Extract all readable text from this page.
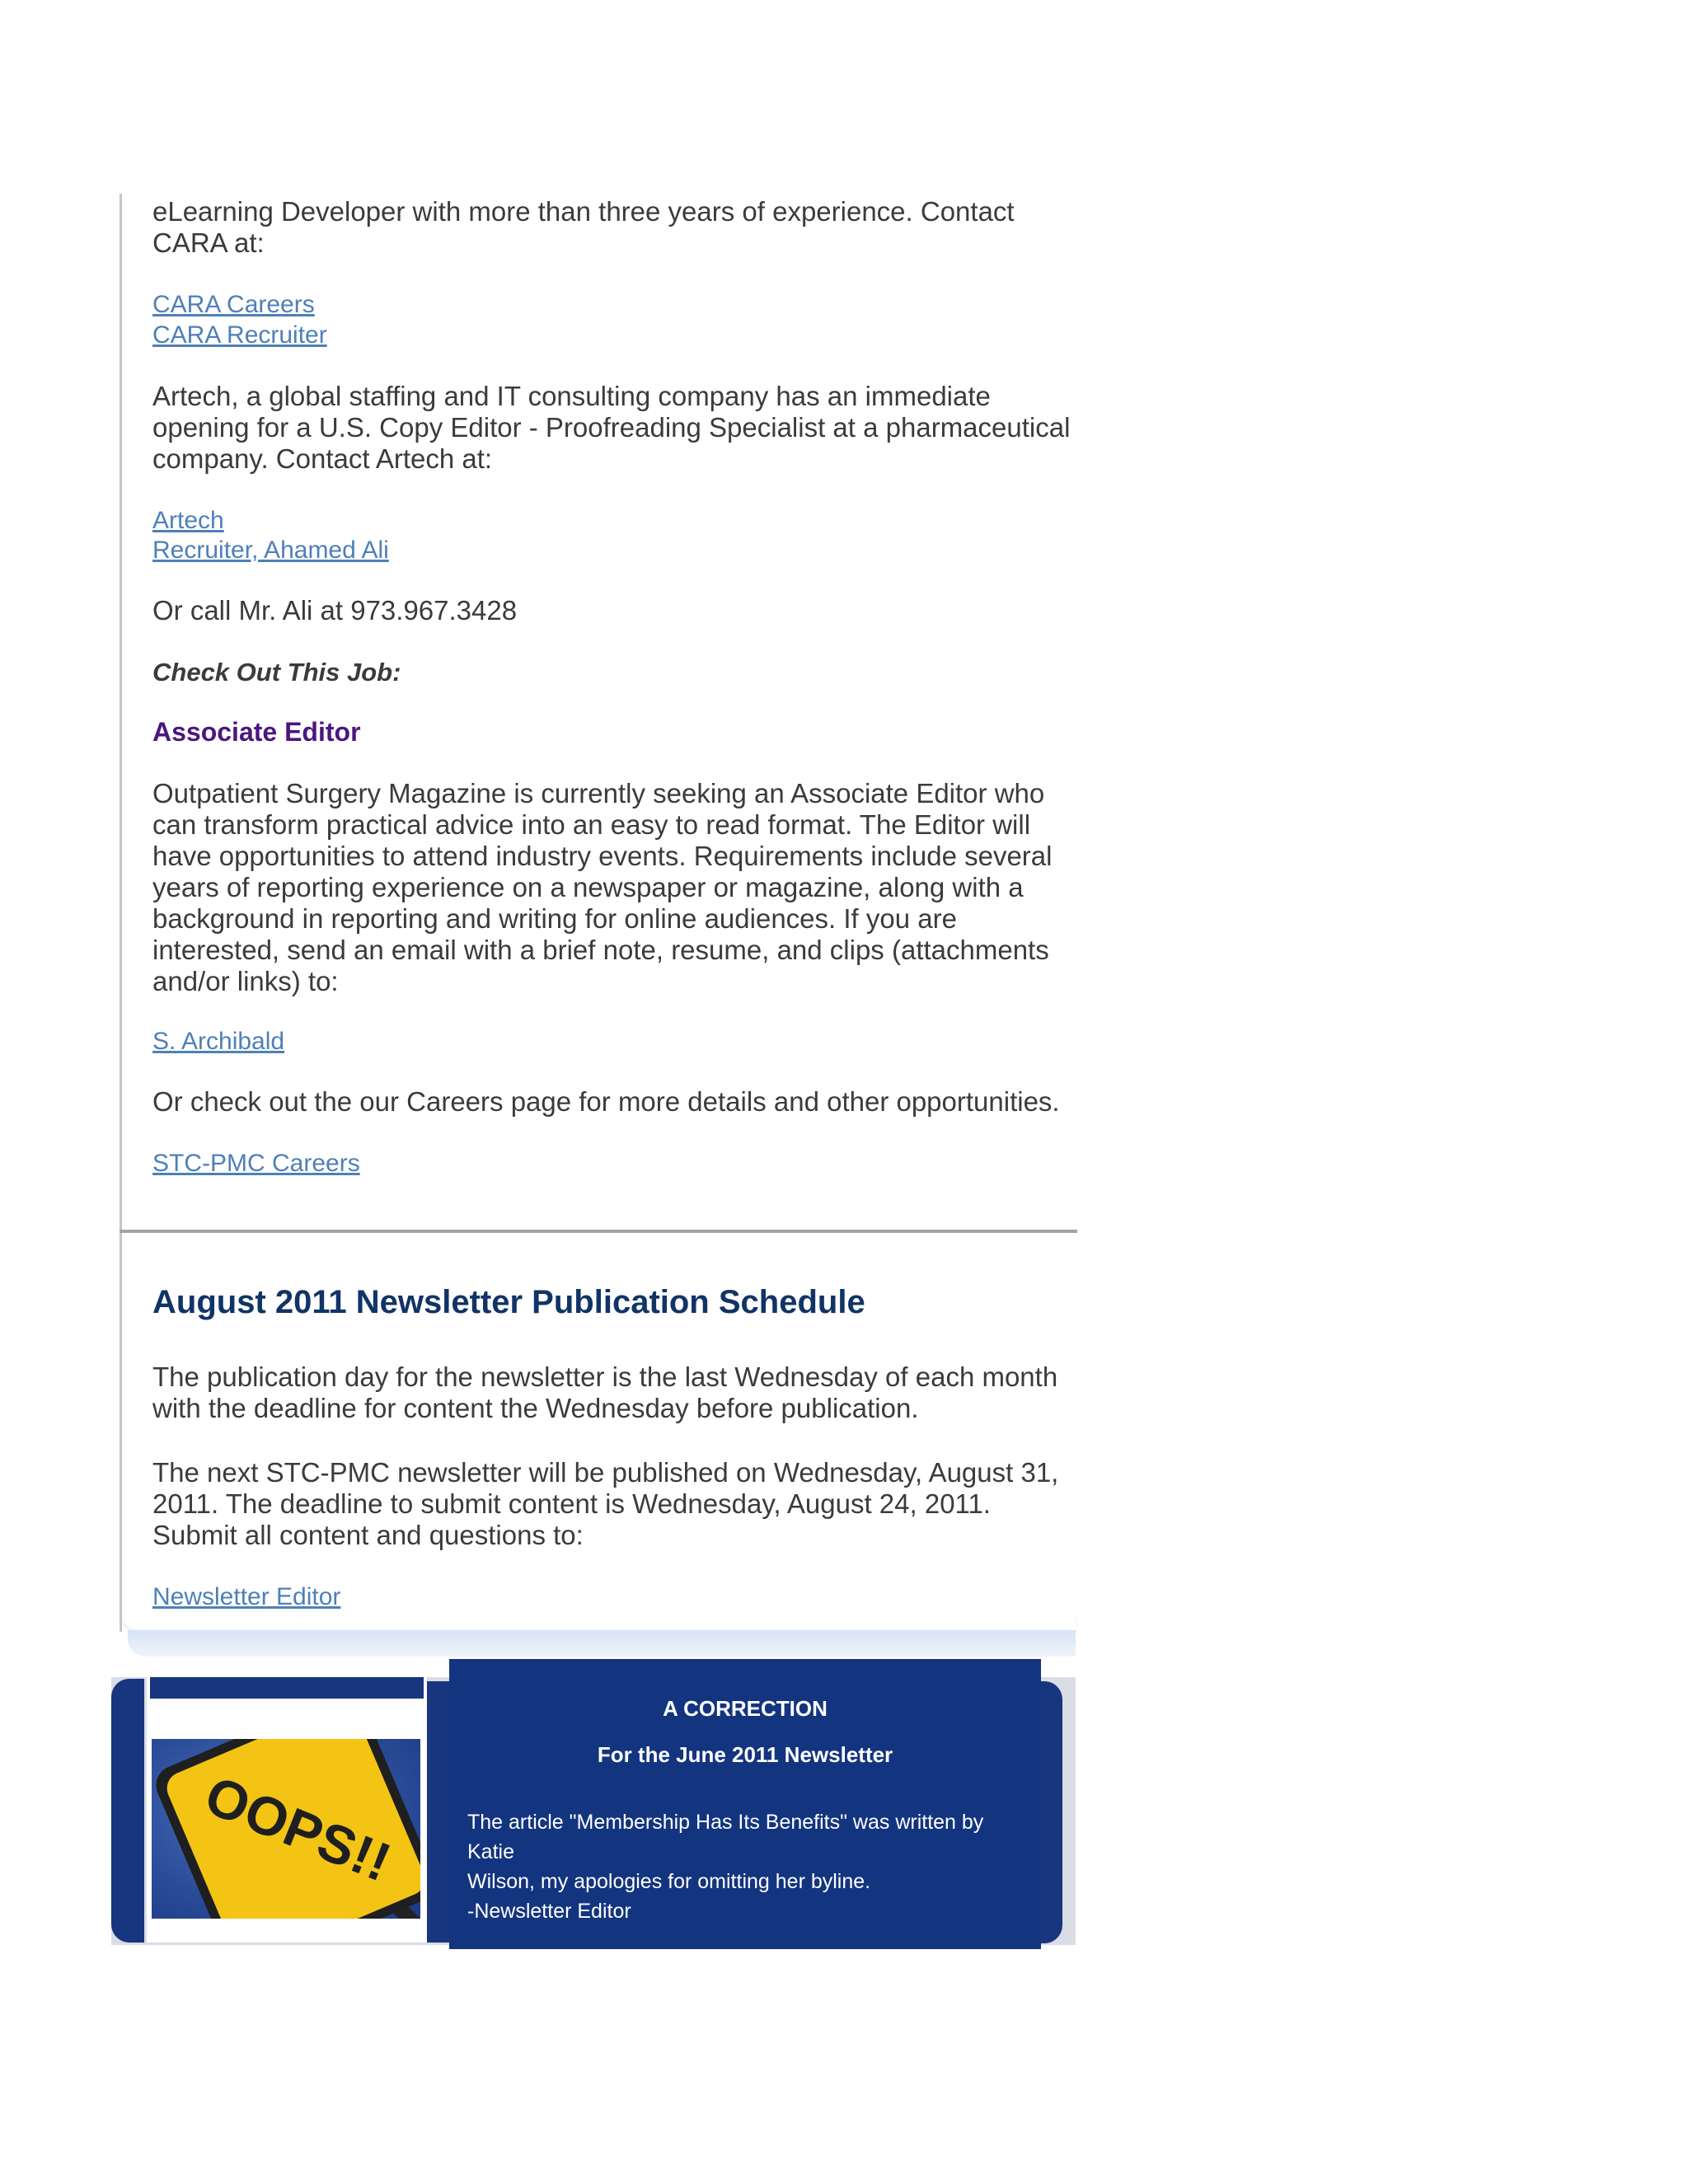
eLearning Developer with more than three years of experience. Contact
CARA at:

CARA Careers
CARA Recruiter

Artech, a global staffing and IT consulting company has an immediate
opening for a U.S. Copy Editor - Proofreading Specialist at a pharmaceutical
company. Contact Artech at:

Artech
Recruiter, Ahamed Ali

Or call Mr. Ali at 973.967.3428

Check Out This Job:
Associate Editor

Outpatient Surgery Magazine is currently seeking an Associate Editor who
can transform practical advice into an easy to read format. The Editor will
have opportunities to attend industry events. Requirements include several
years of reporting experience on a newspaper or magazine, along with a
background in reporting and writing for online audiences. If you are
interested, send an email with a brief note, resume, and clips (attachments
and/or links) to:

S. Archibald

Or check out the our Careers page for more details and other opportunities.

STC-PMC Careers
August 2011 Newsletter Publication Schedule

The publication day for the newsletter is the last Wednesday of each month
with the deadline for content the Wednesday before publication.

The next STC-PMC newsletter will be published on Wednesday, August 31,
2011. The deadline to submit content is Wednesday, August 24, 2011.
Submit all content and questions to:

Newsletter Editor
OOPS!!
A CORRECTION
For the June 2011 Newsletter

The article "Membership Has Its Benefits" was written by Katie
Wilson, my apologies for omitting her byline.
-Newsletter Editor
